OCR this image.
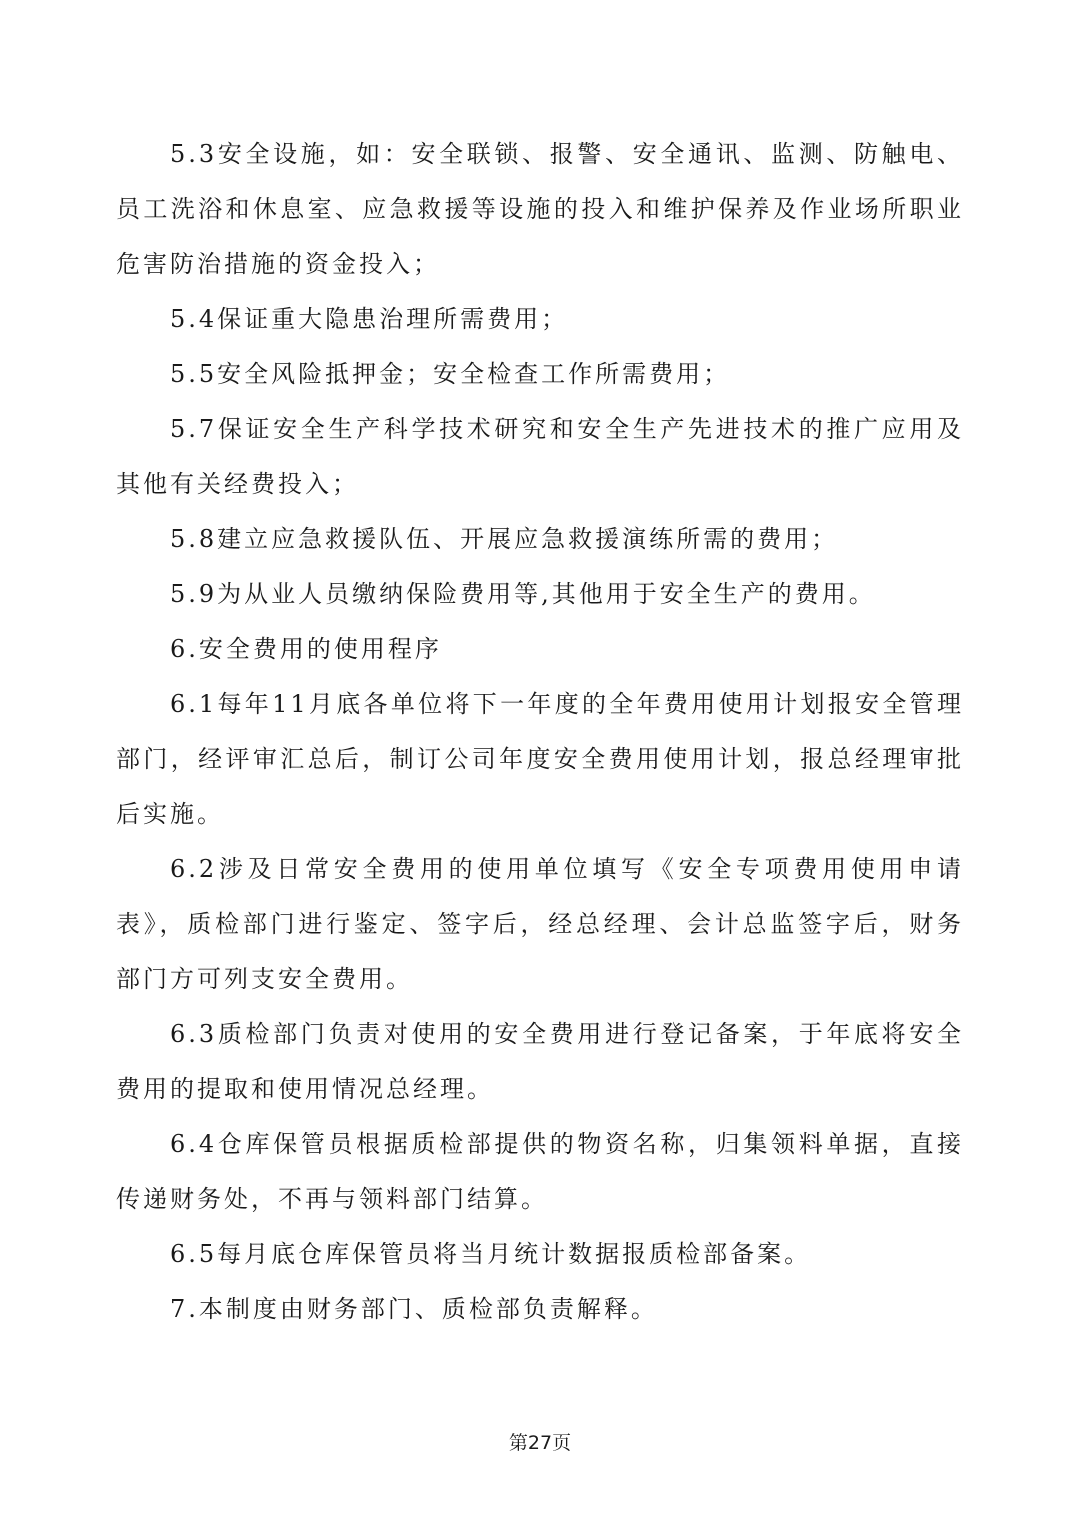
5.3安全设施，如：安全联锁、报警、安全通讯、监测、防触电、员工洗浴和休息室、应急救援等设施的投入和维护保养及作业场所职业危害防治措施的资金投入；

5.4保证重大隐患治理所需费用；

5.5安全风险抵押金；安全检查工作所需费用；

5.7保证安全生产科学技术研究和安全生产先进技术的推广应用及其他有关经费投入；

5.8建立应急救援队伍、开展应急救援演练所需的费用；

5.9为从业人员缴纳保险费用等,其他用于安全生产的费用。

6.安全费用的使用程序

6.1每年11月底各单位将下一年度的全年费用使用计划报安全管理部门，经评审汇总后，制订公司年度安全费用使用计划，报总经理审批后实施。

6.2涉及日常安全费用的使用单位填写《安全专项费用使用申请表》，质检部门进行鉴定、签字后，经总经理、会计总监签字后，财务部门方可列支安全费用。

6.3质检部门负责对使用的安全费用进行登记备案，于年底将安全费用的提取和使用情况总经理。

6.4仓库保管员根据质检部提供的物资名称，归集领料单据，直接传递财务处，不再与领料部门结算。

6.5每月底仓库保管员将当月统计数据报质检部备案。

7.本制度由财务部门、质检部负责解释。

第27页
